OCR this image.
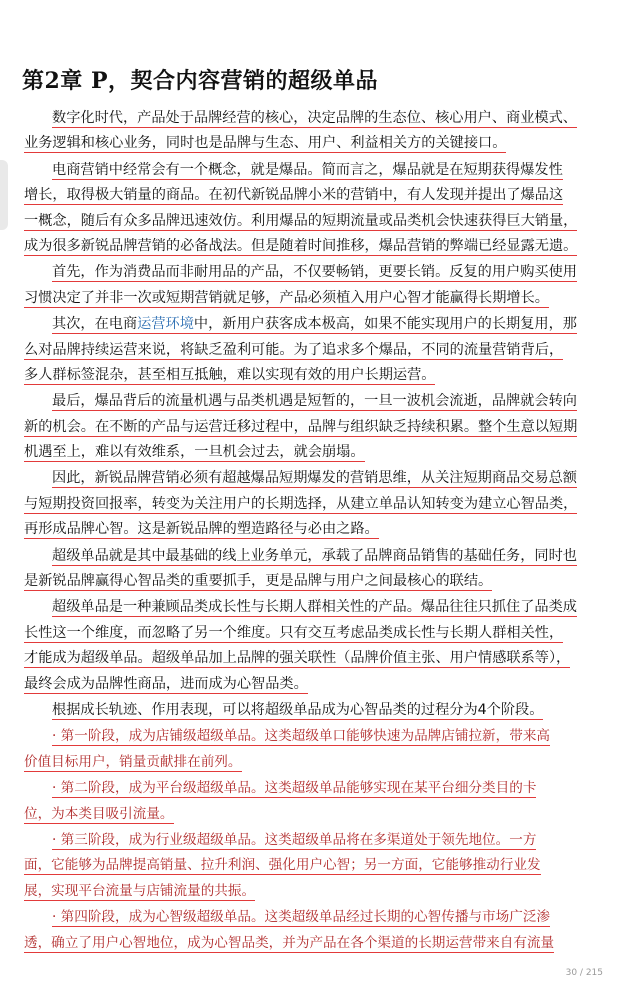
第2章 P，契合内容营销的超级单品
数字化时代，产品处于品牌经营的核心，决定品牌的生态位、核心用户、商业模式、
业务逻辑和核心业务，同时也是品牌与生态、用户、利益相关方的关键接口。
电商营销中经常会有一个概念，就是爆品。简而言之，爆品就是在短期获得爆发性
增长，取得极大销量的商品。在初代新锐品牌小米的营销中，有人发现并提出了爆品这
一概念，随后有众多品牌迅速效仿。利用爆品的短期流量或品类机会快速获得巨大销量，
成为很多新锐品牌营销的必备战法。但是随着时间推移，爆品营销的弊端已经显露无遗。
首先，作为消费品而非耐用品的产品，不仅要畅销，更要长销。反复的用户购买使用
习惯决定了并非一次或短期营销就足够，产品必须植入用户心智才能赢得长期增长。
其次，在电商运营环境中，新用户获客成本极高，如果不能实现用户的长期复用，那
么对品牌持续运营来说，将缺乏盈利可能。为了追求多个爆品，不同的流量营销背后，
多人群标签混杂，甚至相互抵触，难以实现有效的用户长期运营。
最后，爆品背后的流量机遇与品类机遇是短暂的，一旦一波机会流逝，品牌就会转向
新的机会。在不断的产品与运营迁移过程中，品牌与组织缺乏持续积累。整个生意以短期
机遇至上，难以有效维系，一旦机会过去，就会崩塌。
因此，新锐品牌营销必须有超越爆品短期爆发的营销思维，从关注短期商品交易总额
与短期投资回报率，转变为关注用户的长期选择，从建立单品认知转变为建立心智品类，
再形成品牌心智。这是新锐品牌的塑造路径与必由之路。
超级单品就是其中最基础的线上业务单元，承载了品牌商品销售的基础任务，同时也
是新锐品牌赢得心智品类的重要抓手，更是品牌与用户之间最核心的联结。
超级单品是一种兼顾品类成长性与长期人群相关性的产品。爆品往往只抓住了品类成
长性这一个维度，而忽略了另一个维度。只有交互考虑品类成长性与长期人群相关性，
才能成为超级单品。超级单品加上品牌的强关联性（品牌价值主张、用户情感联系等），
最终会成为品牌性商品，进而成为心智品类。
根据成长轨迹、作用表现，可以将超级单品成为心智品类的过程分为4个阶段。
· 第一阶段，成为店铺级超级单品。这类超级单口能够快速为品牌店铺拉新，带来高
价值目标用户，销量贡献排在前列。
· 第二阶段，成为平台级超级单品。这类超级单品能够实现在某平台细分类目的卡
位，为本类目吸引流量。
· 第三阶段，成为行业级超级单品。这类超级单品将在多渠道处于领先地位。一方
面，它能够为品牌提高销量、拉升利润、强化用户心智；另一方面，它能够推动行业发
展，实现平台流量与店铺流量的共振。
· 第四阶段，成为心智级超级单品。这类超级单品经过长期的心智传播与市场广泛渗
透，确立了用户心智地位，成为心智品类，并为产品在各个渠道的长期运营带来自有流量
30 / 215
